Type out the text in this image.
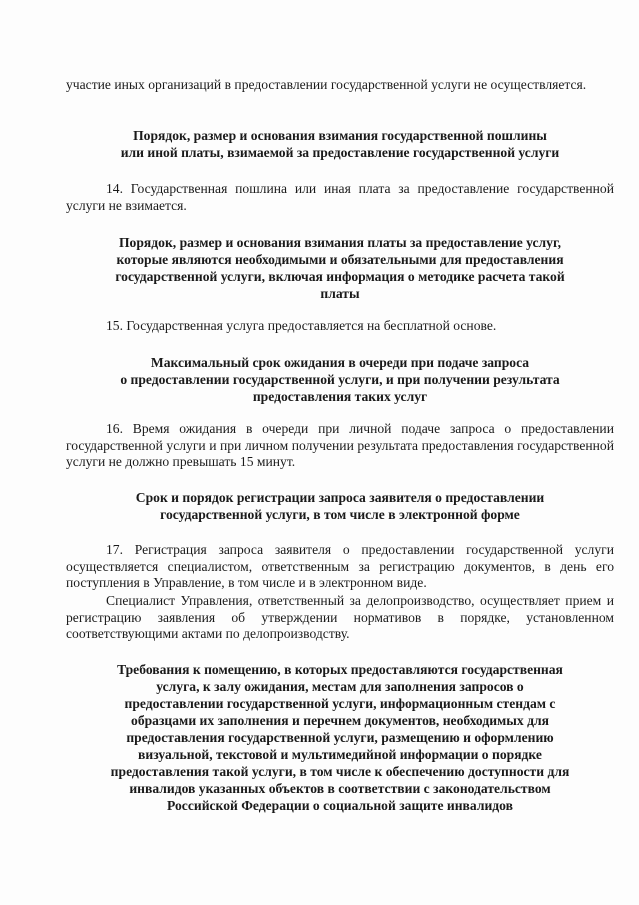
участие иных организаций в предоставлении государственной услуги не осуществляется.

Порядок, размер и основания взимания государственной пошлины
или иной платы, взимаемой за предоставление государственной услуги

14. Государственная пошлина или иная плата за предоставление государственной услуги не взимается.

Порядок, размер и основания взимания платы за предоставление услуг,
которые являются необходимыми и обязательными для предоставления
государственной услуги, включая информация о методике расчета такой
платы

15. Государственная услуга предоставляется на бесплатной основе.

Максимальный срок ожидания в очереди при подаче запроса
о предоставлении государственной услуги, и при получении результата
предоставления таких услуг

16. Время ожидания в очереди при личной подаче запроса о предоставлении государственной услуги и при личном получении результата предоставления государственной услуги не должно превышать 15 минут.

Срок и порядок регистрации запроса заявителя о предоставлении
государственной услуги, в том числе в электронной форме

17. Регистрация запроса заявителя о предоставлении государственной услуги осуществляется специалистом, ответственным за регистрацию документов, в день его поступления в Управление, в том числе и в электронном виде.

Специалист Управления, ответственный за делопроизводство, осуществляет прием и регистрацию заявления об утверждении нормативов в порядке, установленном соответствующими актами по делопроизводству.

Требования к помещению, в которых предоставляются государственная
услуга, к залу ожидания, местам для заполнения запросов о
предоставлении государственной услуги, информационным стендам с
образцами их заполнения и перечнем документов, необходимых для
предоставления государственной услуги, размещению и оформлению
визуальной, текстовой и мультимедийной информации о порядке
предоставления такой услуги, в том числе к обеспечению доступности для
инвалидов указанных объектов в соответствии с законодательством
Российской Федерации о социальной защите инвалидов
